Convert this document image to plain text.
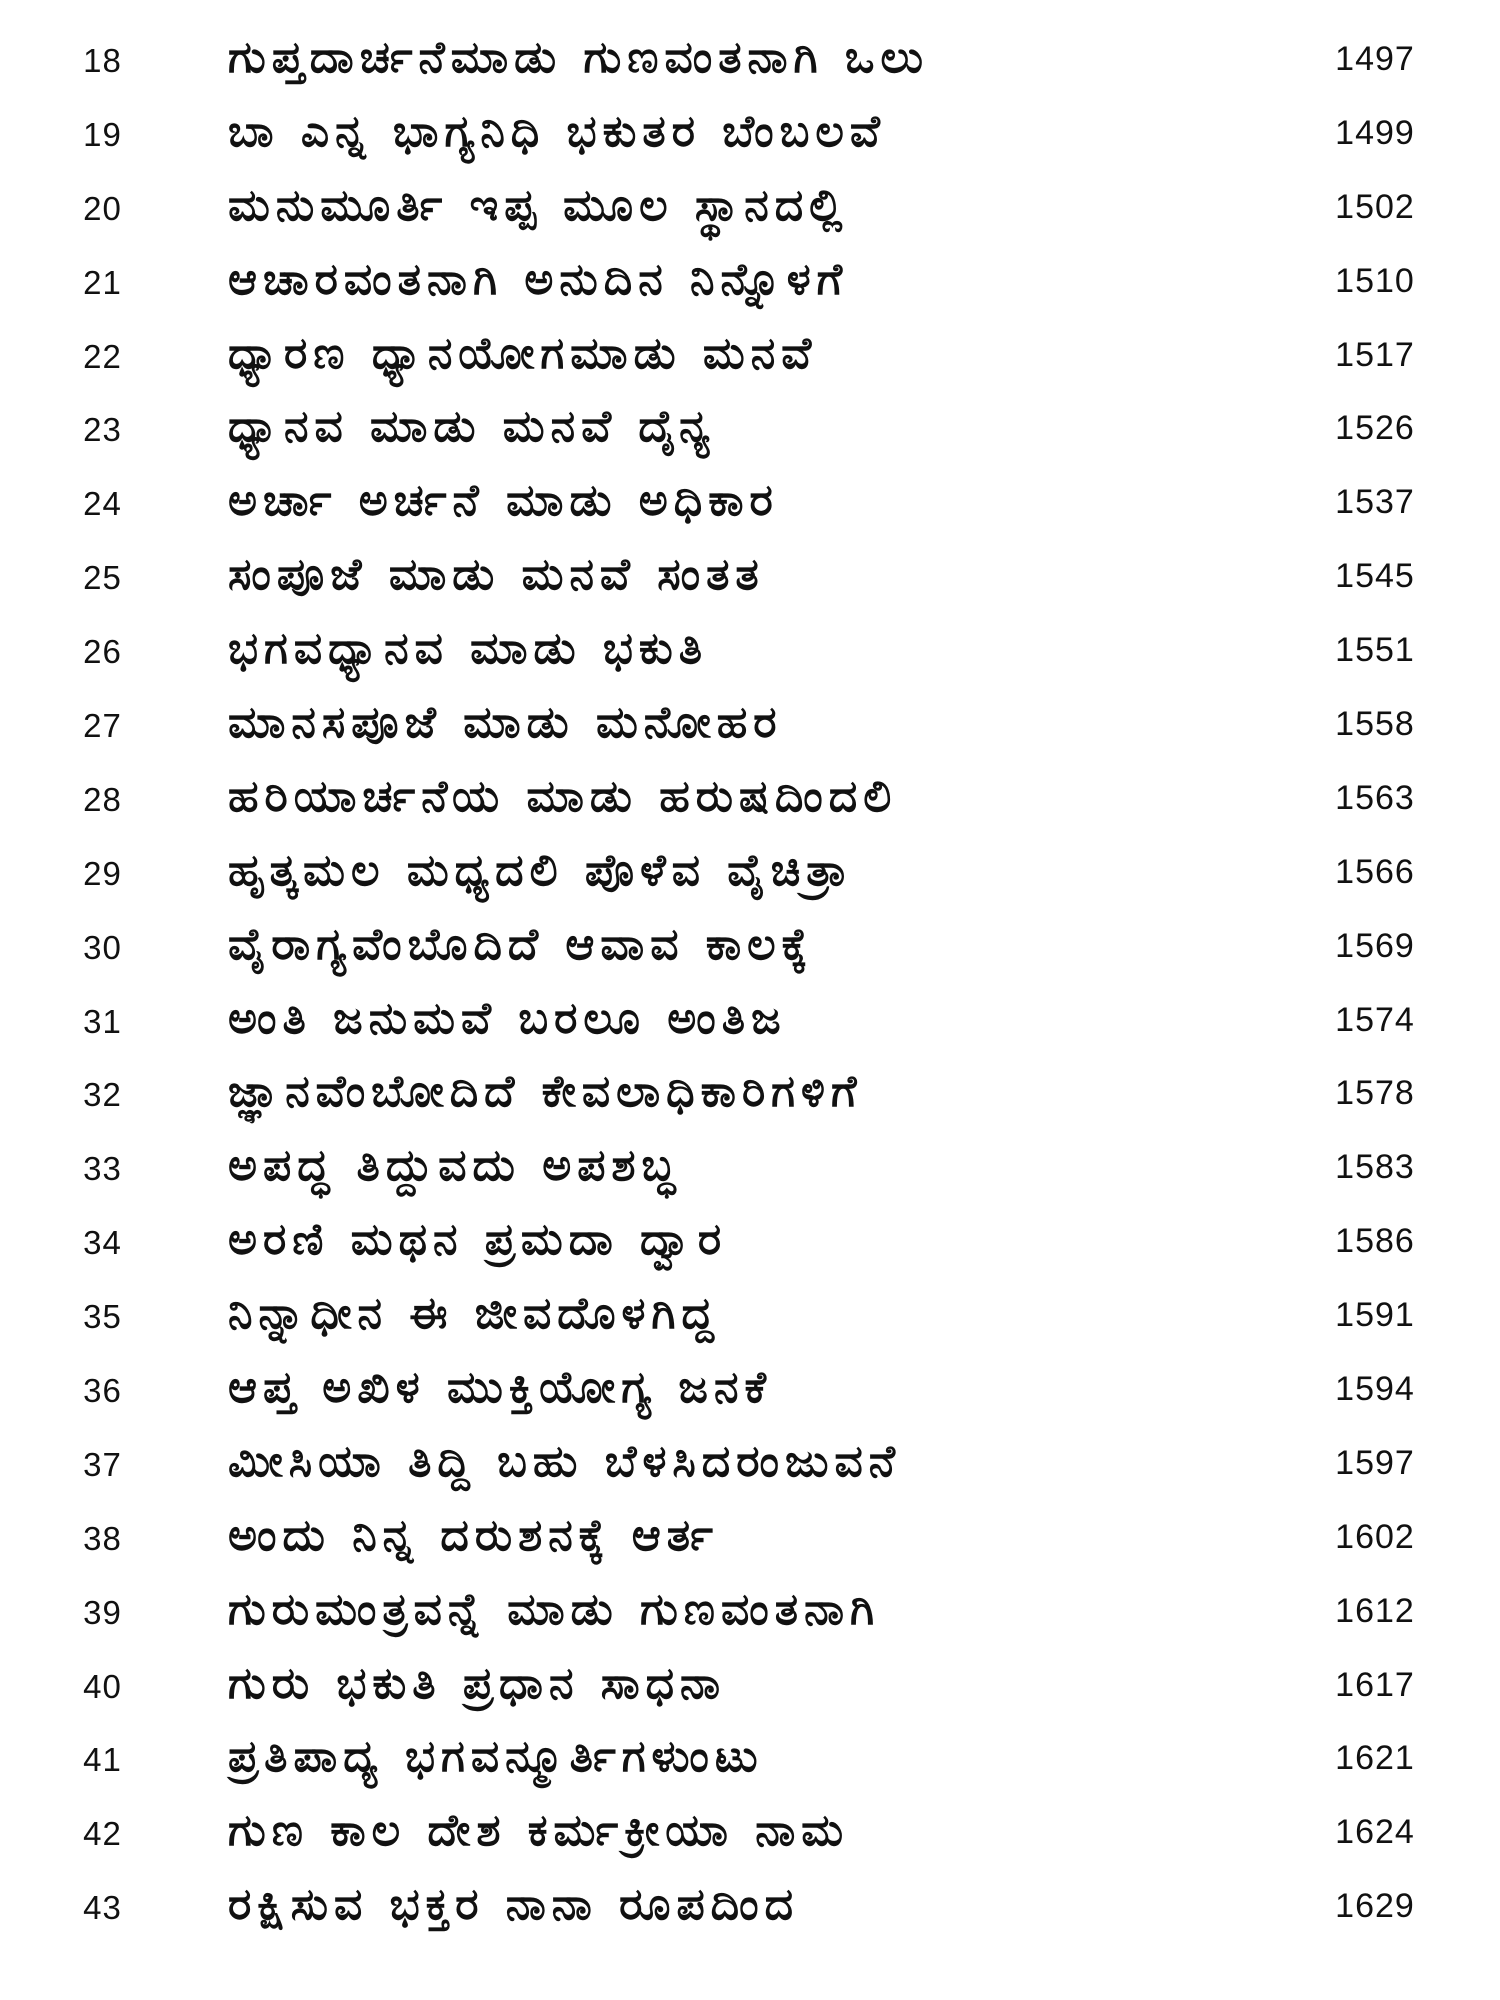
18	ಗುಪ್ತದಾರ್ಚನೆಮಾಡು ಗುಣವಂತನಾಗಿ ಒಲು	1497
19	ಬಾ ಎನ್ನ ಭಾಗ್ಯನಿಧಿ ಭಕುತರ ಬೆಂಬಲವೆ	1499
20	ಮನುಮೂರ್ತಿ ಇಪ್ಪ ಮೂಲ ಸ್ಥಾನದಲ್ಲಿ	1502
21	ಆಚಾರವಂತನಾಗಿ ಅನುದಿನ ನಿನ್ನೊಳಗೆ	1510
22	ಧ್ಯಾರಣ ಧ್ಯಾನಯೋಗಮಾಡು ಮನವೆ	1517
23	ಧ್ಯಾನವ ಮಾಡು ಮನವೆ ದೈನ್ಯ	1526
24	ಅರ್ಚಾ ಅರ್ಚನೆ ಮಾಡು ಅಧಿಕಾರ	1537
25	ಸಂಪೂಜೆ ಮಾಡು ಮನವೆ ಸಂತತ	1545
26	ಭಗವಧ್ಯಾನವ ಮಾಡು ಭಕುತಿ	1551
27	ಮಾನಸಪೂಜೆ ಮಾಡು ಮನೋಹರ	1558
28	ಹರಿಯಾರ್ಚನೆಯ ಮಾಡು ಹರುಷದಿಂದಲಿ	1563
29	ಹೃತ್ಕಮಲ ಮಧ್ಯದಲಿ ಪೊಳೆವ ವೈಚಿತ್ರಾ	1566
30	ವೈರಾಗ್ಯವೆಂಬೊದಿದೆ ಆವಾವ ಕಾಲಕ್ಕೆ	1569
31	ಅಂತಿ ಜನುಮವೆ ಬರಲೂ ಅಂತಿಜ	1574
32	ಜ್ಞಾನವೆಂಬೋದಿದೆ ಕೇವಲಾಧಿಕಾರಿಗಳಿಗೆ	1578
33	ಅಪದ್ಧ ತಿದ್ದುವದು ಅಪಶಬ್ಧ	1583
34	ಅರಣಿ ಮಥನ ಪ್ರಮದಾ ದ್ವಾರ	1586
35	ನಿನ್ನಾಧೀನ ಈ ಜೀವದೊಳಗಿದ್ದ	1591
36	ಆಪ್ತ ಅಖಿಳ ಮುಕ್ತಿಯೋಗ್ಯ ಜನಕೆ	1594
37	ಮೀಸಿಯಾ ತಿದ್ದಿ ಬಹು ಬೆಳಸಿದರಂಜುವನೆ	1597
38	ಅಂದು ನಿನ್ನ ದರುಶನಕ್ಕೆ ಆರ್ತ	1602
39	ಗುರುಮಂತ್ರವನ್ನೆ ಮಾಡು ಗುಣವಂತನಾಗಿ	1612
40	ಗುರು ಭಕುತಿ ಪ್ರಧಾನ ಸಾಧನಾ	1617
41	ಪ್ರತಿಪಾದ್ಯ ಭಗವನ್ಮೂರ್ತಿಗಳುಂಟು	1621
42	ಗುಣ ಕಾಲ ದೇಶ ಕರ್ಮಕ್ರೀಯಾ ನಾಮ	1624
43	ರಕ್ಷಿಸುವ ಭಕ್ತರ ನಾನಾ ರೂಪದಿಂದ	1629
